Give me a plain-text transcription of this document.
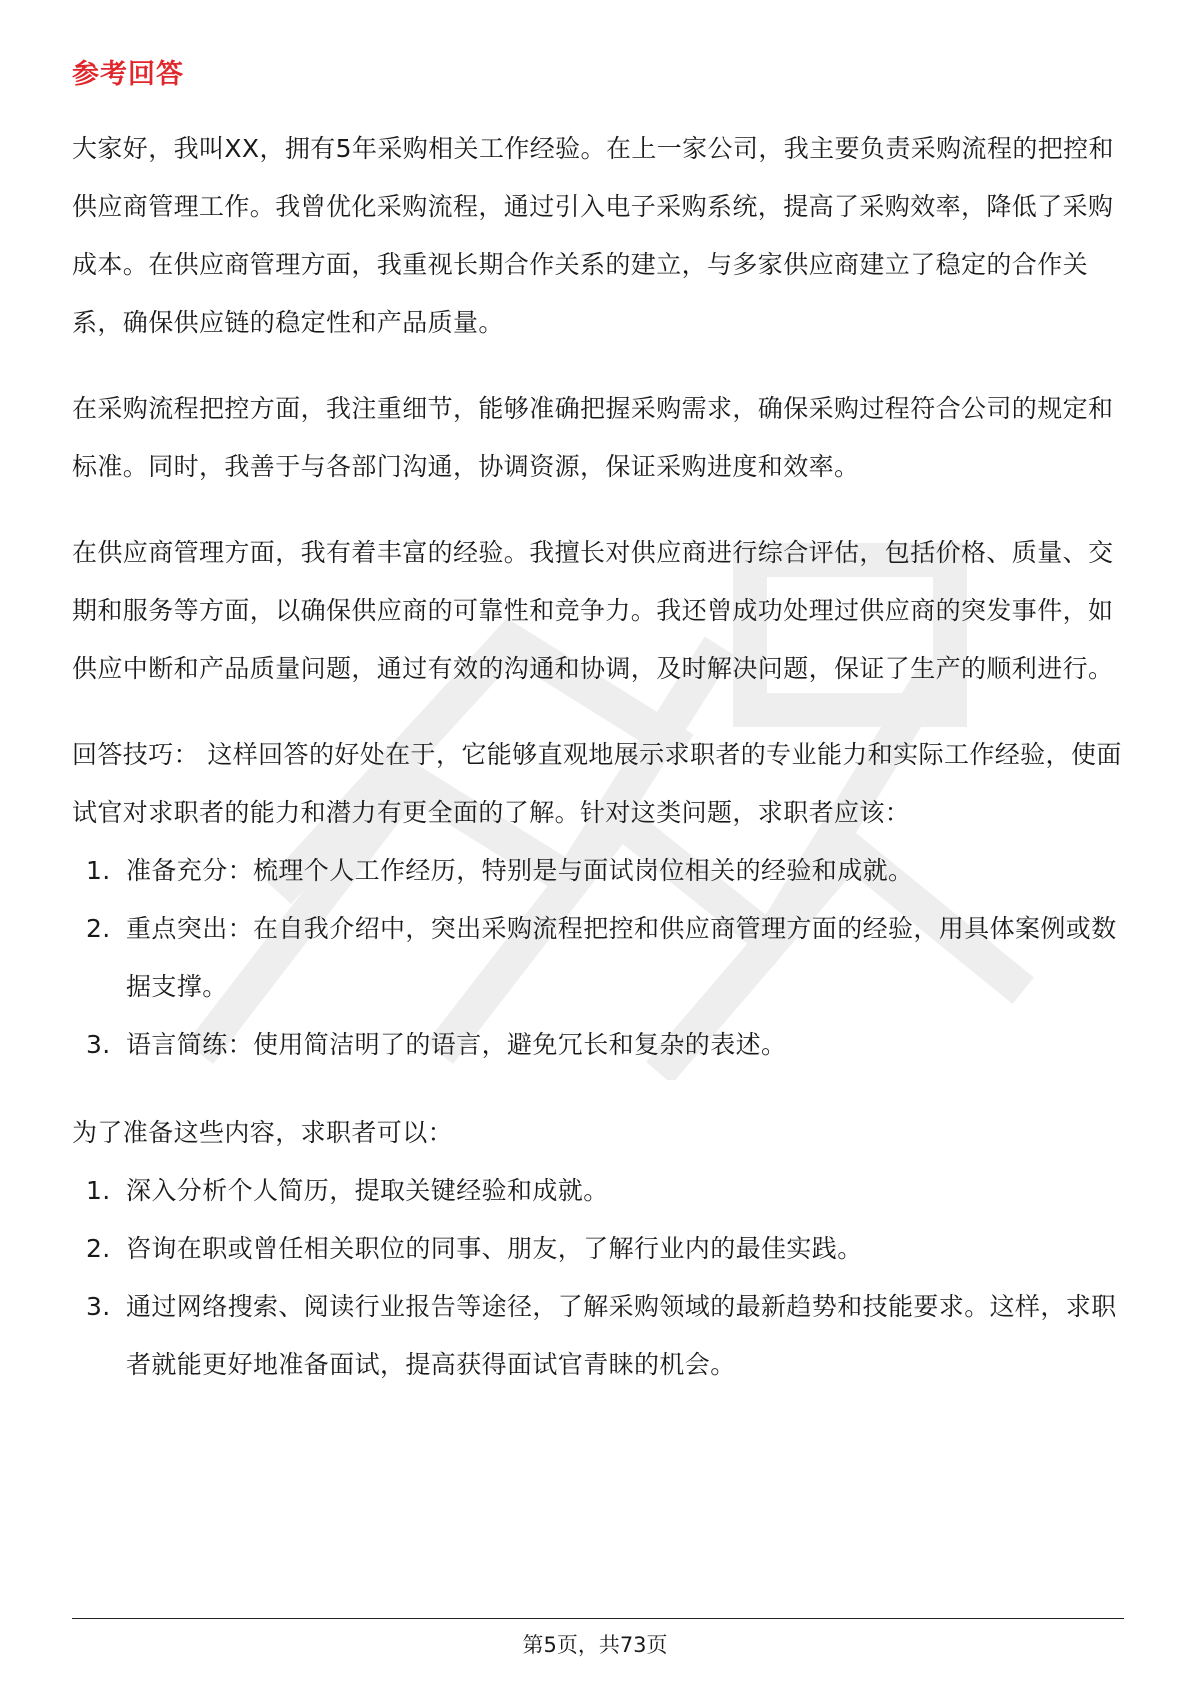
参考回答

大家好，我叫XX，拥有5年采购相关工作经验。在上一家公司，我主要负责采购流程的把控和供应商管理工作。我曾优化采购流程，通过引入电子采购系统，提高了采购效率，降低了采购成本。在供应商管理方面，我重视长期合作关系的建立，与多家供应商建立了稳定的合作关系，确保供应链的稳定性和产品质量。

在采购流程把控方面，我注重细节，能够准确把握采购需求，确保采购过程符合公司的规定和标准。同时，我善于与各部门沟通，协调资源，保证采购进度和效率。

在供应商管理方面，我有着丰富的经验。我擅长对供应商进行综合评估，包括价格、质量、交期和服务等方面，以确保供应商的可靠性和竞争力。我还曾成功处理过供应商的突发事件，如供应中断和产品质量问题，通过有效的沟通和协调，及时解决问题，保证了生产的顺利进行。

回答技巧： 这样回答的好处在于，它能够直观地展示求职者的专业能力和实际工作经验，使面试官对求职者的能力和潜力有更全面的了解。针对这类问题，求职者应该：

1. 准备充分：梳理个人工作经历，特别是与面试岗位相关的经验和成就。
2. 重点突出：在自我介绍中，突出采购流程把控和供应商管理方面的经验，用具体案例或数据支撑。
3. 语言简练：使用简洁明了的语言，避免冗长和复杂的表述。

为了准备这些内容，求职者可以：

1. 深入分析个人简历，提取关键经验和成就。
2. 咨询在职或曾任相关职位的同事、朋友，了解行业内的最佳实践。
3. 通过网络搜索、阅读行业报告等途径，了解采购领域的最新趋势和技能要求。这样，求职者就能更好地准备面试，提高获得面试官青睐的机会。
第5页，共73页
